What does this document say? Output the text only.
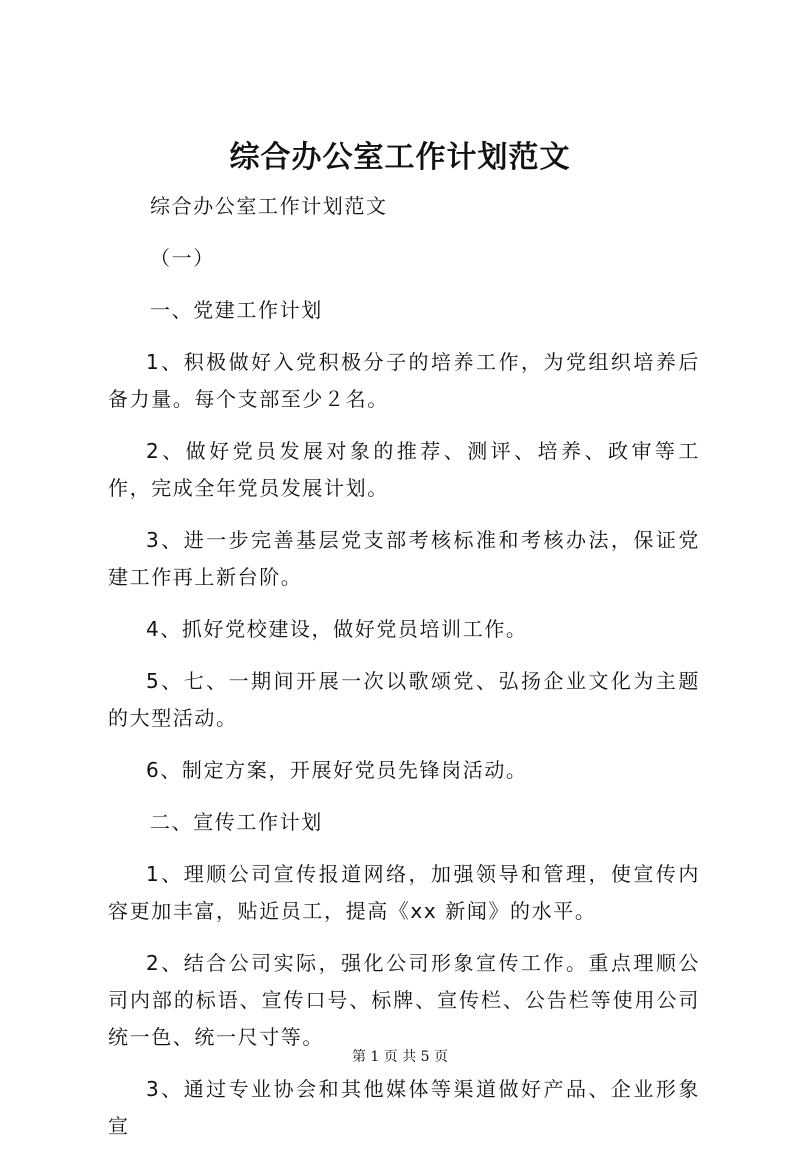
综合办公室工作计划范文

综合办公室工作计划范文

（一）

一、党建工作计划

1、积极做好入党积极分子的培养工作，为党组织培养后备力量。每个支部至少２名。

2、做好党员发展对象的推荐、测评、培养、政审等工作，完成全年党员发展计划。

3、进一步完善基层党支部考核标准和考核办法，保证党建工作再上新台阶。

4、抓好党校建设，做好党员培训工作。

5、七、一期间开展一次以歌颂党、弘扬企业文化为主题的大型活动。

6、制定方案，开展好党员先锋岗活动。

二、宣传工作计划

1、理顺公司宣传报道网络，加强领导和管理，使宣传内容更加丰富，贴近员工，提高《xx 新闻》的水平。

2、结合公司实际，强化公司形象宣传工作。重点理顺公司内部的标语、宣传口号、标牌、宣传栏、公告栏等使用公司统一色、统一尺寸等。

3、通过专业协会和其他媒体等渠道做好产品、企业形象宣

第 1 页 共 5 页
